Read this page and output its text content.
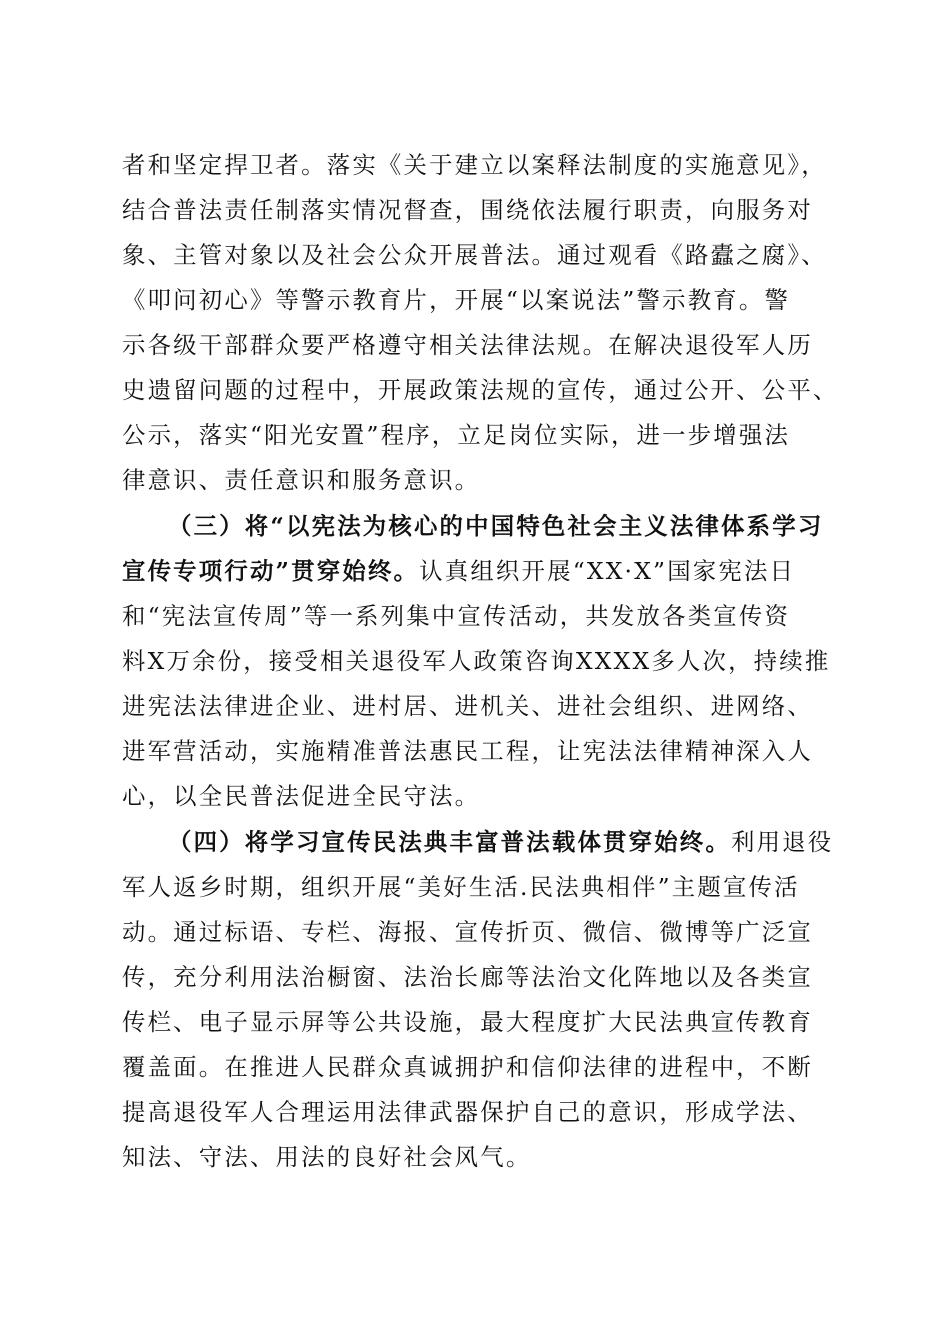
者和坚定捍卫者。落实《关于建立以案释法制度的实施意见》，
结合普法责任制落实情况督查，围绕依法履行职责，向服务对
象、主管对象以及社会公众开展普法。通过观看《路蠹之腐》、
《叩问初心》等警示教育片，开展“以案说法”警示教育。警
示各级干部群众要严格遵守相关法律法规。在解决退役军人历
史遗留问题的过程中，开展政策法规的宣传，通过公开、公平、
公示，落实“阳光安置”程序，立足岗位实际，进一步增强法
律意识、责任意识和服务意识。
（三）将“以宪法为核心的中国特色社会主义法律体系学习
宣传专项行动”贯穿始终。认真组织开展“XX·X”国家宪法日
和“宪法宣传周”等一系列集中宣传活动，共发放各类宣传资
料X万余份，接受相关退役军人政策咨询XXXX多人次，持续推
进宪法法律进企业、进村居、进机关、进社会组织、进网络、
进军营活动，实施精准普法惠民工程，让宪法法律精神深入人
心，以全民普法促进全民守法。
（四）将学习宣传民法典丰富普法载体贯穿始终。利用退役
军人返乡时期，组织开展“美好生活.民法典相伴”主题宣传活
动。通过标语、专栏、海报、宣传折页、微信、微博等广泛宣
传，充分利用法治橱窗、法治长廊等法治文化阵地以及各类宣
传栏、电子显示屏等公共设施，最大程度扩大民法典宣传教育
覆盖面。在推进人民群众真诚拥护和信仰法律的进程中，不断
提高退役军人合理运用法律武器保护自己的意识，形成学法、
知法、守法、用法的良好社会风气。
